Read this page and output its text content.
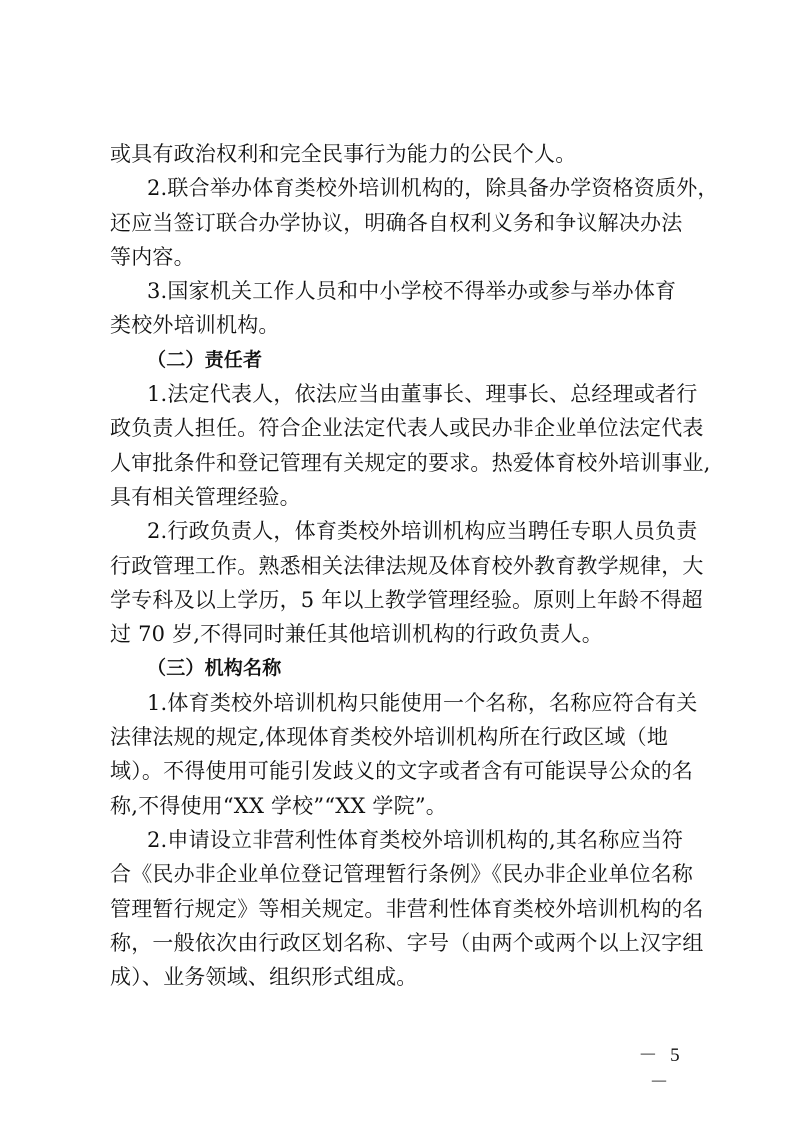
或具有政治权利和完全民事行为能力的公民个人。
2.联合举办体育类校外培训机构的，除具备办学资格资质外，
还应当签订联合办学协议，明确各自权利义务和争议解决办法
等内容。
3.国家机关工作人员和中小学校不得举办或参与举办体育
类校外培训机构。
（二）责任者
1.法定代表人，依法应当由董事长、理事长、总经理或者行
政负责人担任。符合企业法定代表人或民办非企业单位法定代表
人审批条件和登记管理有关规定的要求。热爱体育校外培训事业,
具有相关管理经验。
2.行政负责人，体育类校外培训机构应当聘任专职人员负责
行政管理工作。熟悉相关法律法规及体育校外教育教学规律，大
学专科及以上学历，5 年以上教学管理经验。原则上年龄不得超
过 70 岁,不得同时兼任其他培训机构的行政负责人。
（三）机构名称
1.体育类校外培训机构只能使用一个名称，名称应符合有关
法律法规的规定,体现体育类校外培训机构所在行政区域（地
域）。不得使用可能引发歧义的文字或者含有可能误导公众的名
称,不得使用“XX 学校”“XX 学院”。
2.申请设立非营利性体育类校外培训机构的,其名称应当符
合《民办非企业单位登记管理暂行条例》《民办非企业单位名称
管理暂行规定》等相关规定。非营利性体育类校外培训机构的名
称，一般依次由行政区划名称、字号（由两个或两个以上汉字组
成）、业务领域、组织形式组成。
－ 5 －
